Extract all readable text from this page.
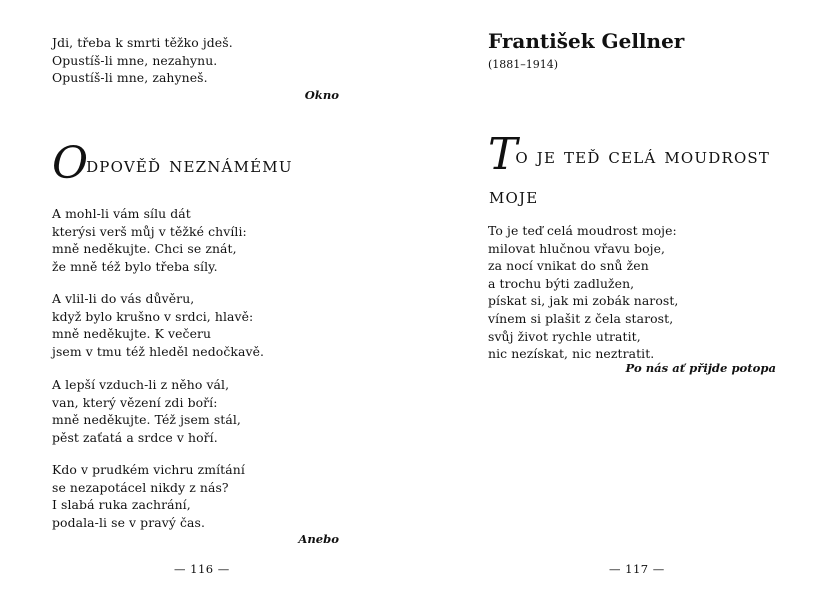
Jdi, třeba k smrti těžko jdeš.
Opustíš-li mne, nezahynu.
Opustíš-li mne, zahyneš.
Okno
Odpověď neznámému
A mohl-li vám sílu dát
kterýsi verš můj v těžké chvíli:
mně neděkujte. Chci se znát,
že mně též bylo třeba síly.
A vlil-li do vás důvěru,
když bylo krušno v srdci, hlavě:
mně neděkujte. K večeru
jsem v tmu též hleděl nedočkavě.
A lepší vzduch-li z něho vál,
van, který vězení zdi boří:
mně neděkujte. Též jsem stál,
pěst zaťatá a srdce v hoří.
Kdo v prudkém vichru zmítání
se nezapotácel nikdy z nás?
I slabá ruka zachrání,
podala-li se v pravý čas.
Anebo
— 116 —
František Gellner
(1881–1914)
To je teď celá moudrost
moje
To je teď celá moudrost moje:
milovat hlučnou vřavu boje,
za nocí vnikat do snů žen
a trochu býti zadlužen,
pískat si, jak mi zobák narost,
vínem si plašit z čela starost,
svůj život rychle utratit,
nic nezískat, nic neztratit.
Po nás ať přijde potopa
— 117 —
